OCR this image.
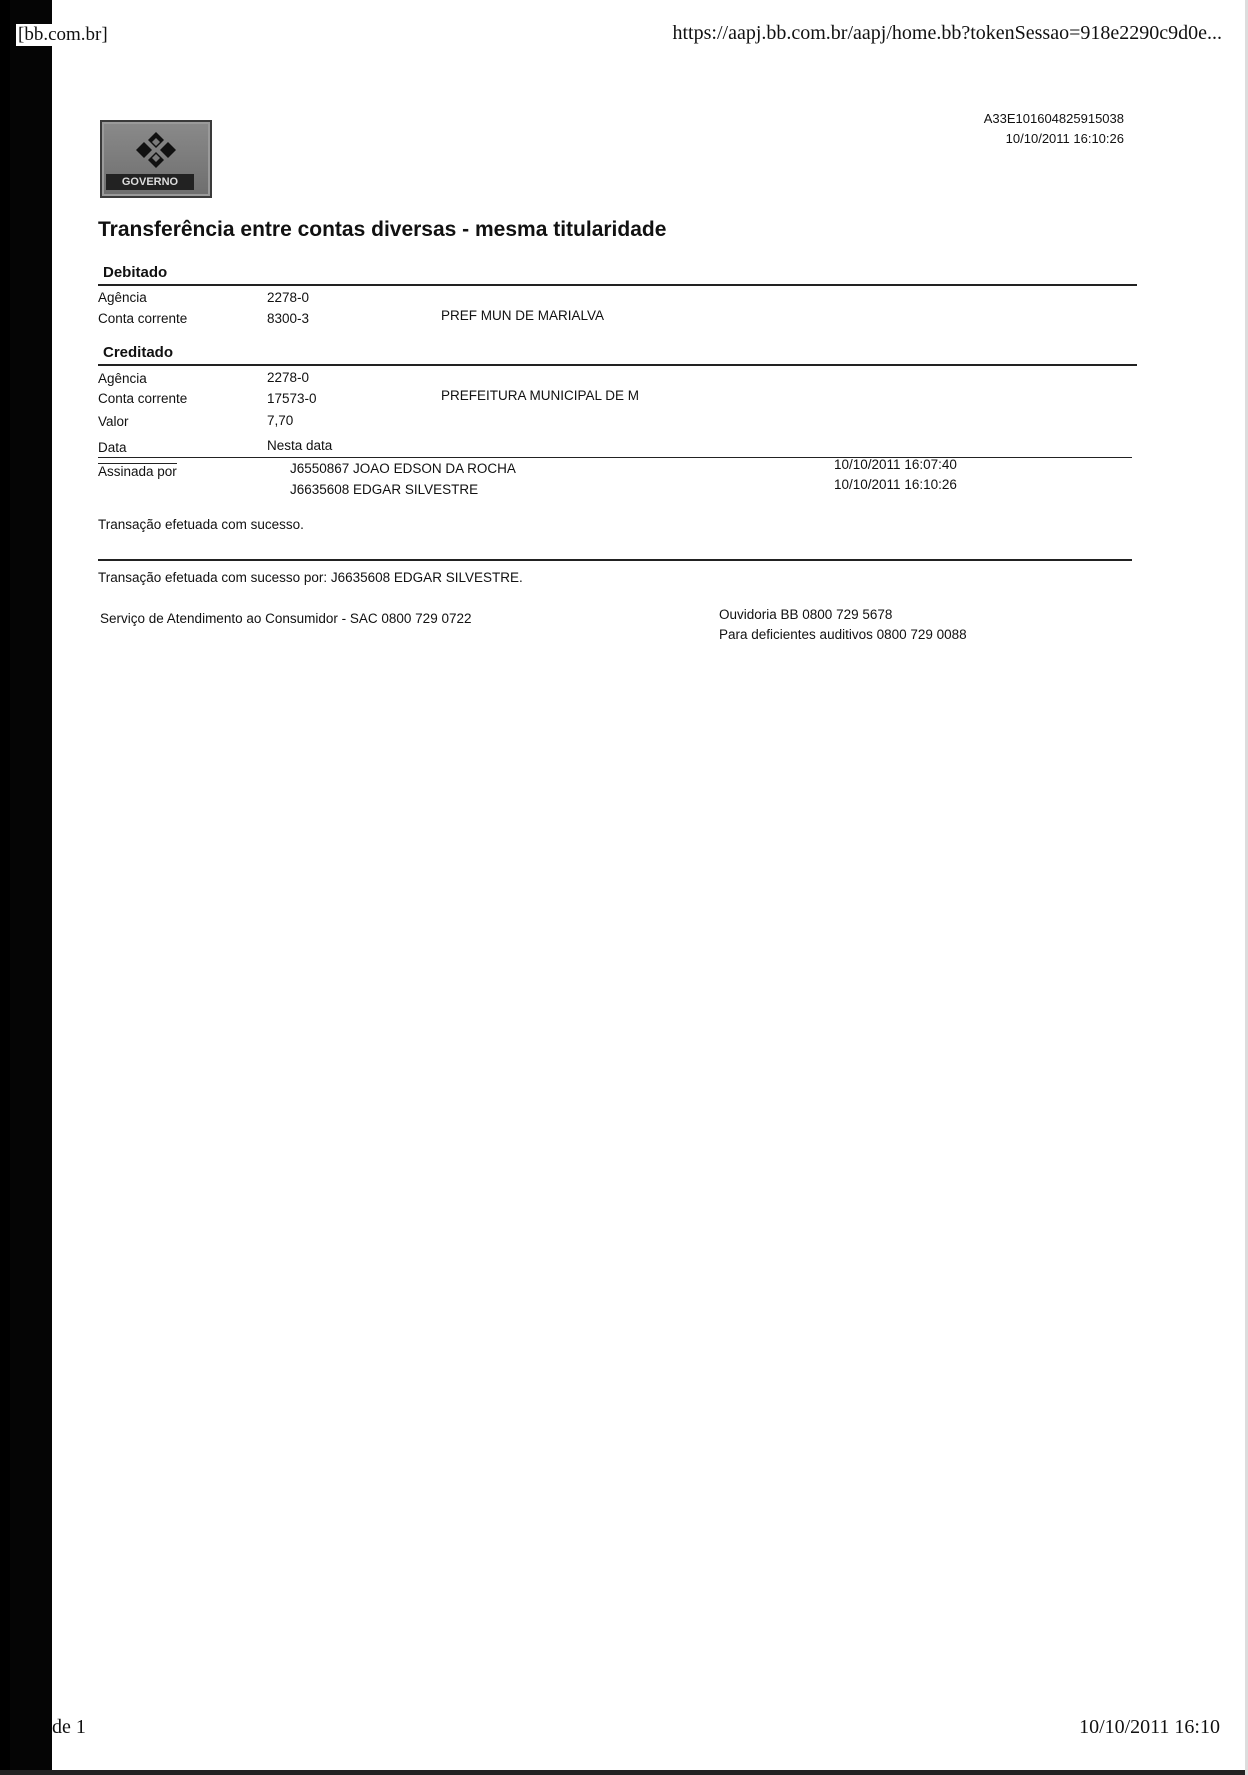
[bb.com.br]	https://aapj.bb.com.br/aapj/home.bb?tokenSessao=918e2290c9d0e...
de 1	10/10/2011 16:10
GOVERNO
A33E101604825915038
10/10/2011 16:10:26
Transferência entre contas diversas - mesma titularidade
Debitado
Agência	2278-0
Conta corrente	8300-3	PREF MUN DE MARIALVA
Creditado
Agência	2278-0
Conta corrente	17573-0	PREFEITURA MUNICIPAL DE M
Valor	7,70
Data	Nesta data
Assinada por	J6550867 JOAO EDSON DA ROCHA	10/10/2011 16:07:40
J6635608 EDGAR SILVESTRE	10/10/2011 16:10:26
Transação efetuada com sucesso.
Transação efetuada com sucesso por: J6635608 EDGAR SILVESTRE.
Serviço de Atendimento ao Consumidor - SAC 0800 729 0722	Ouvidoria BB 0800 729 5678
Para deficientes auditivos 0800 729 0088
